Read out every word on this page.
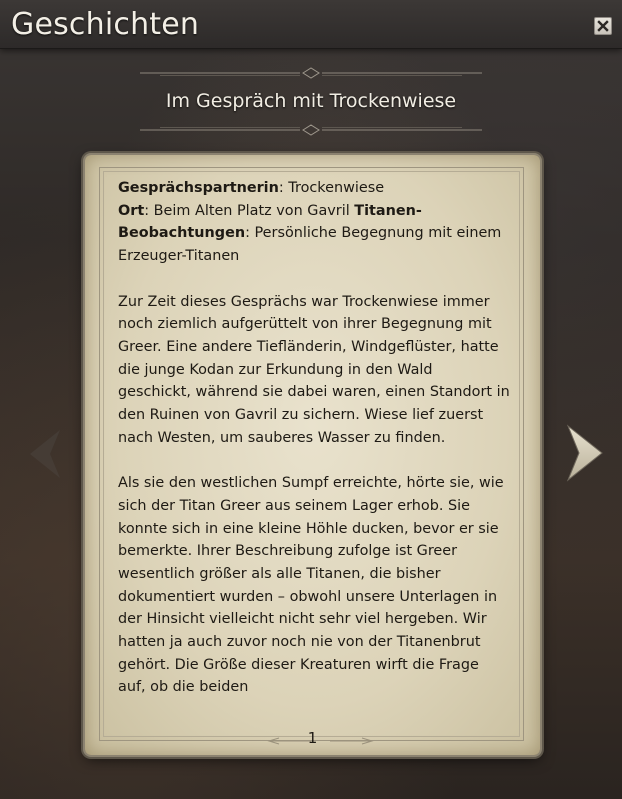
Geschichten
Im Gespräch mit Trockenwiese

Gesprächspartnerin: Trockenwiese
Ort: Beim Alten Platz von Gavril Titanen-Beobachtungen: Persönliche Begegnung mit einem Erzeuger-Titanen

Zur Zeit dieses Gesprächs war Trockenwiese immer noch ziemlich aufgerüttelt von ihrer Begegnung mit Greer. Eine andere Tiefländerin, Windgeflüster, hatte die junge Kodan zur Erkundung in den Wald geschickt, während sie dabei waren, einen Standort in den Ruinen von Gavril zu sichern. Wiese lief zuerst nach Westen, um sauberes Wasser zu finden.

Als sie den westlichen Sumpf erreichte, hörte sie, wie sich der Titan Greer aus seinem Lager erhob. Sie konnte sich in eine kleine Höhle ducken, bevor er sie bemerkte. Ihrer Beschreibung zufolge ist Greer wesentlich größer als alle Titanen, die bisher dokumentiert wurden – obwohl unsere Unterlagen in der Hinsicht vielleicht nicht sehr viel hergeben. Wir hatten ja auch zuvor noch nie von der Titanenbrut gehört. Die Größe dieser Kreaturen wirft die Frage auf, ob die beiden

1
